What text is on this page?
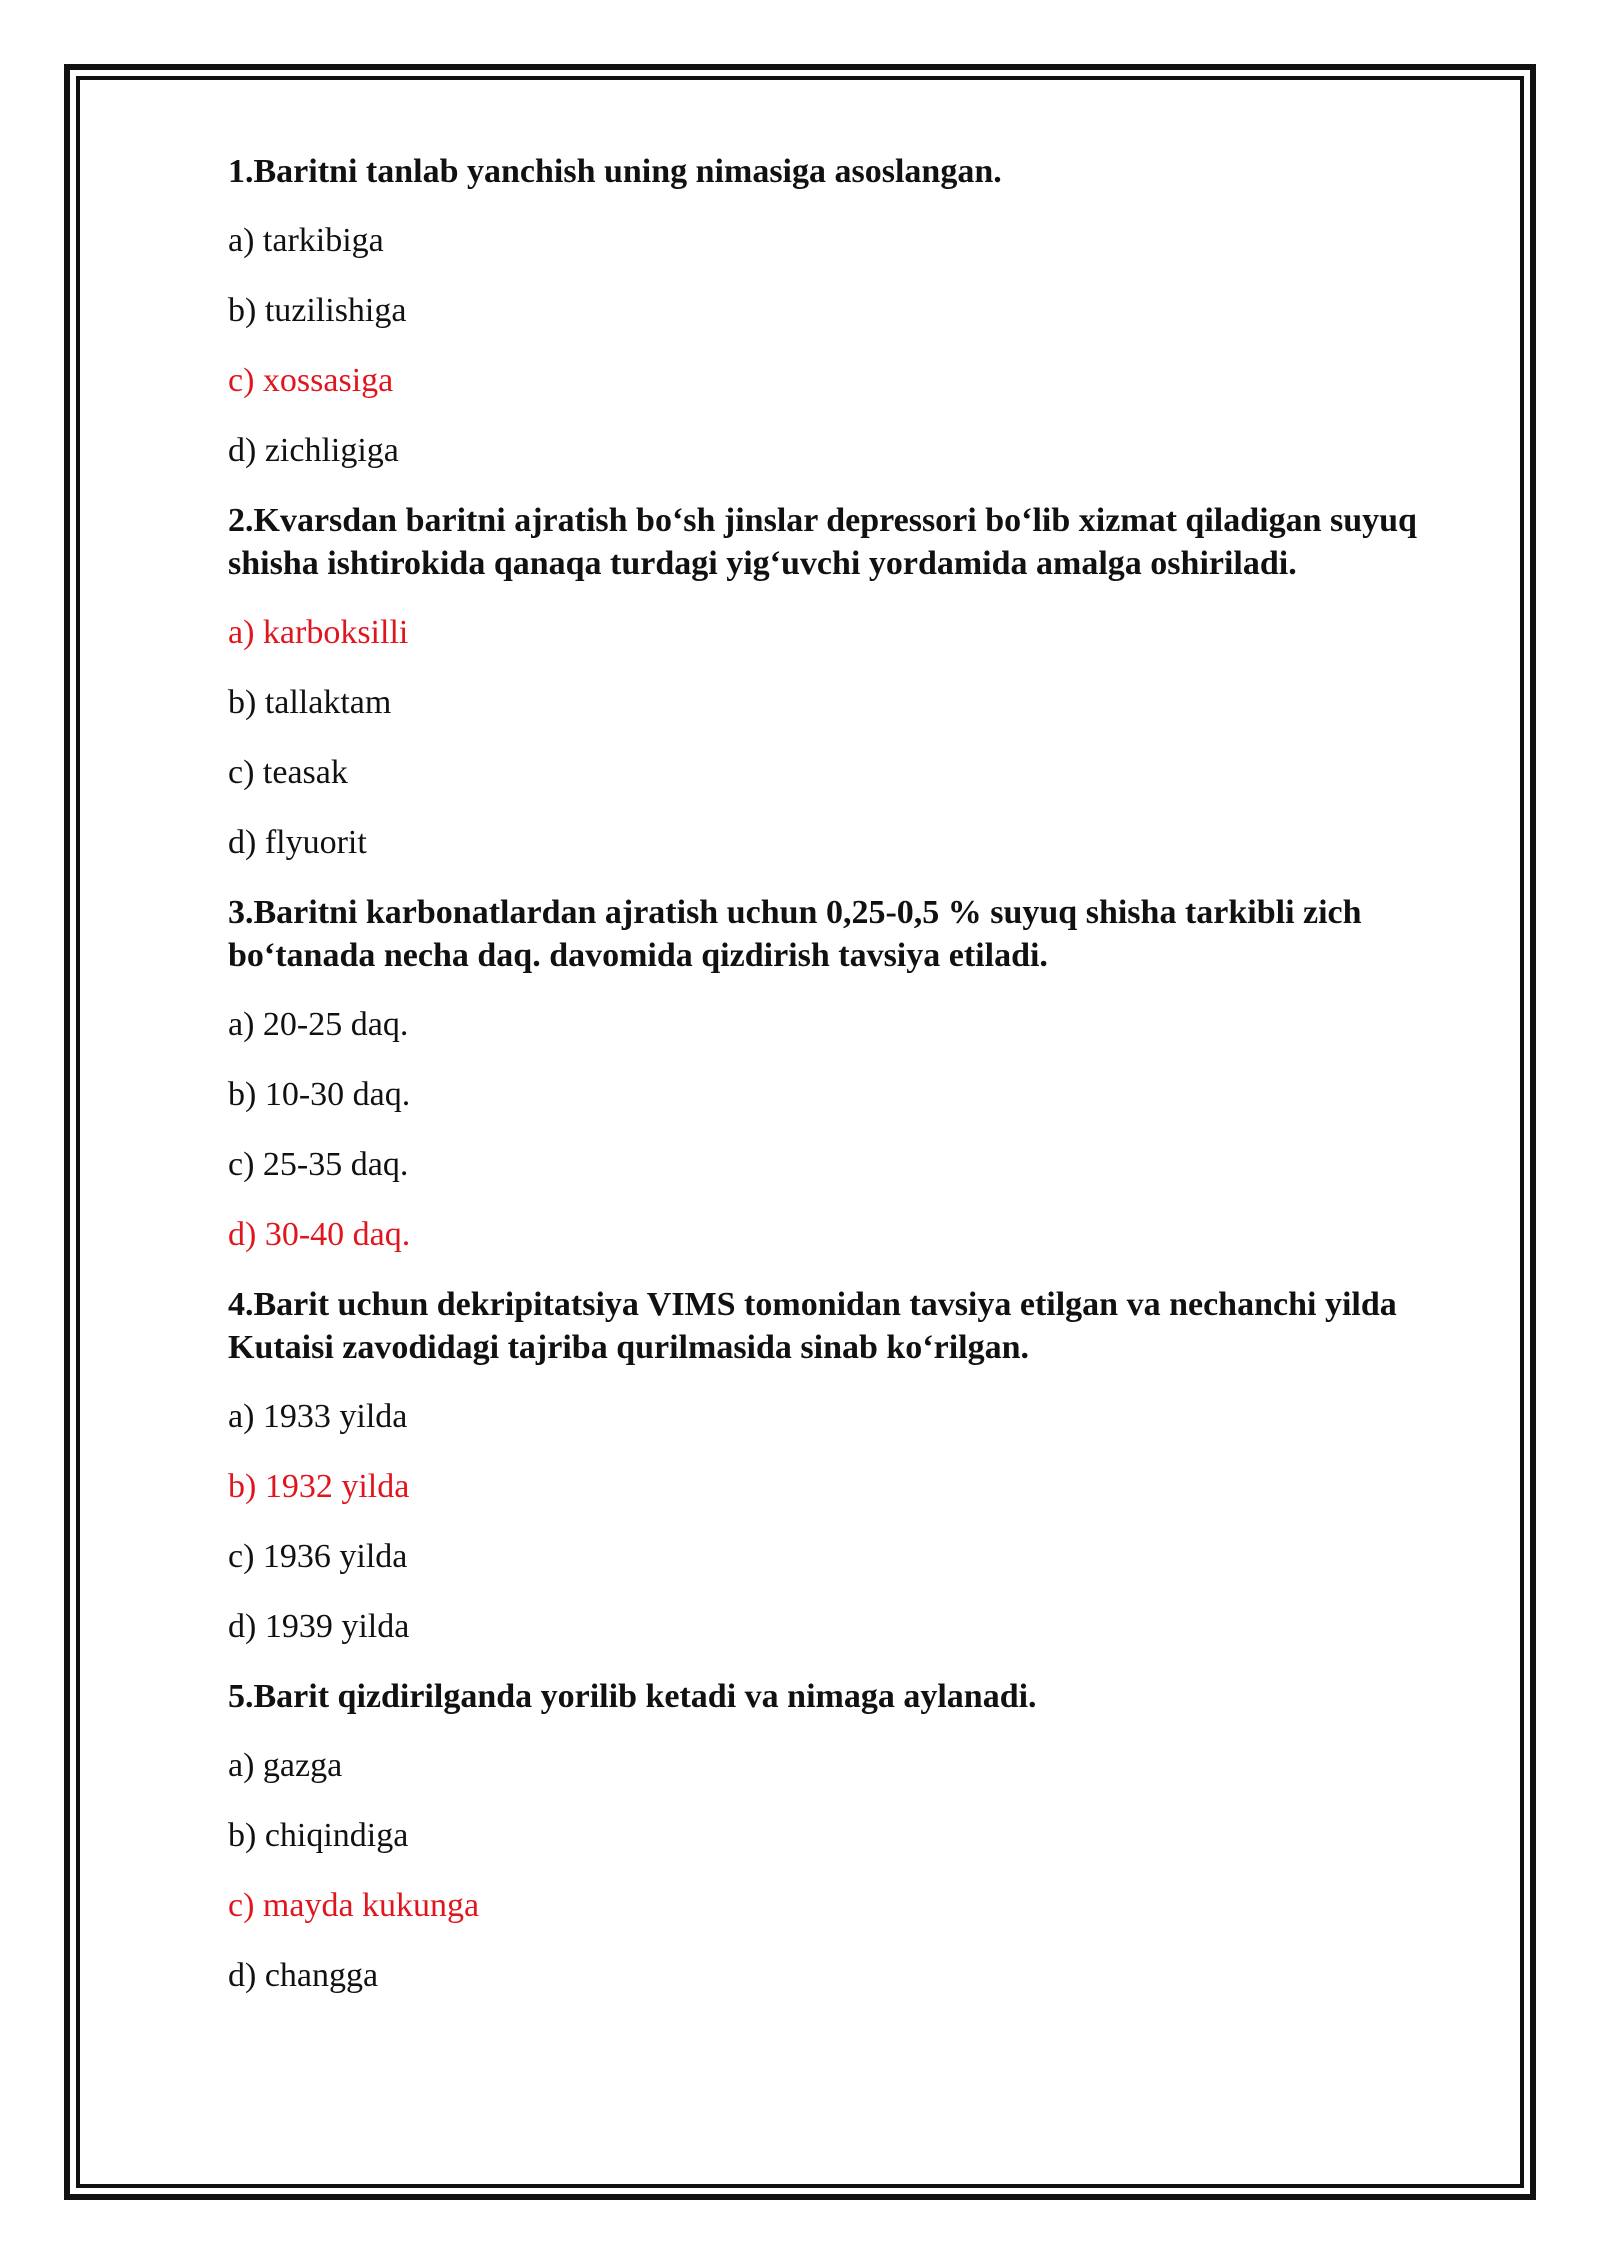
1.Baritni tanlab yanchish uning nimasiga asoslangan.

a) tarkibiga

b) tuzilishiga

c) xossasiga

d) zichligiga

2.Kvarsdan baritni ajratish bo‘sh jinslar depressori bo‘lib xizmat qiladigan suyuq shisha ishtirokida qanaqa turdagi yig‘uvchi yordamida amalga oshiriladi.

a) karboksilli

b) tallaktam

c) teasak

d) flyuorit

3.Baritni karbonatlardan ajratish uchun 0,25-0,5 % suyuq shisha tarkibli zich bo‘tanada necha daq. davomida qizdirish tavsiya etiladi.

a) 20-25 daq.

b) 10-30 daq.

c) 25-35 daq.

d) 30-40 daq.

4.Barit uchun dekripitatsiya VIMS tomonidan tavsiya etilgan va nechanchi yilda Kutaisi zavodidagi tajriba qurilmasida sinab ko‘rilgan.

a) 1933 yilda

b) 1932 yilda

c) 1936 yilda

d) 1939 yilda

5.Barit qizdirilganda yorilib ketadi va nimaga aylanadi.

a) gazga

b) chiqindiga

c) mayda kukunga

d) changga
